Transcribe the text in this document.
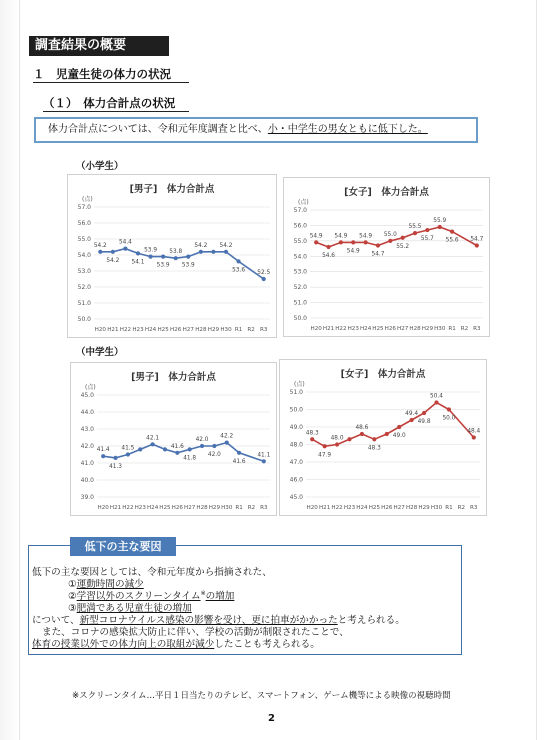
調査結果の概要
１　児童生徒の体力の状況
（１）　体力合計点の状況
体力合計点については、令和元年度調査と比べ、小・中学生の男女ともに低下した。
（小学生）
（中学生）
[男子]　体力合計点
(点)
50.0
51.0
52.0
53.0
54.0
55.0
56.0
57.0
H20 H21 H22 H23 H24 H25 H26 H27 H28 H29 H30 R1 R2 R3
54.2
54.2
54.4
54.1
53.9
53.9
53.8
53.9
54.2 54.2
53.6 52.5
[女子]　体力合計点
(点)
50.0
51.0
52.0
53.0
54.0
55.0
56.0
57.0
H20 H21 H22 H23 H24 H25 H26 H27 H28 H29 H30 R1 R2 R3
54.9
54.6
54.9
54.9
54.9
54.7
55.0
55.2
55.5
55.7
55.9
55.6 54.7
[男子]　体力合計点
(点)
39.0
40.0
41.0
42.0
43.0
44.0
45.0
H20 H21 H22 H23 H24 H25 H26 H27 H28 H29 H30 R1 R2 R3
41.4
41.3
41.5
42.1
41.6
41.8
42.0
42.0
42.2
41.6
41.1
[女子]　体力合計点
(点)
45.0
46.0
47.0
48.0
49.0
50.0
51.0
H20 H21 H22 H23 H24 H25 H26 H27 H28 H29 H30 R1 R2 R3
48.3
47.9
48.0
48.6
48.3
49.0
49.4
49.8
50.4
50.0
48.4
低下の主な要因
低下の主な要因としては、令和元年度から指摘された、
①運動時間の減少
②学習以外のスクリーンタイム※の増加
③肥満である児童生徒の増加
について、新型コロナウイルス感染の影響を受け、更に拍車がかかったと考えられる。
また、コロナの感染拡大防止に伴い、学校の活動が制限されたことで、
体育の授業以外での体力向上の取組が減少したことも考えられる。
※スクリーンタイム…平日１日当たりのテレビ、スマートフォン、ゲーム機等による映像の視聴時間
2
